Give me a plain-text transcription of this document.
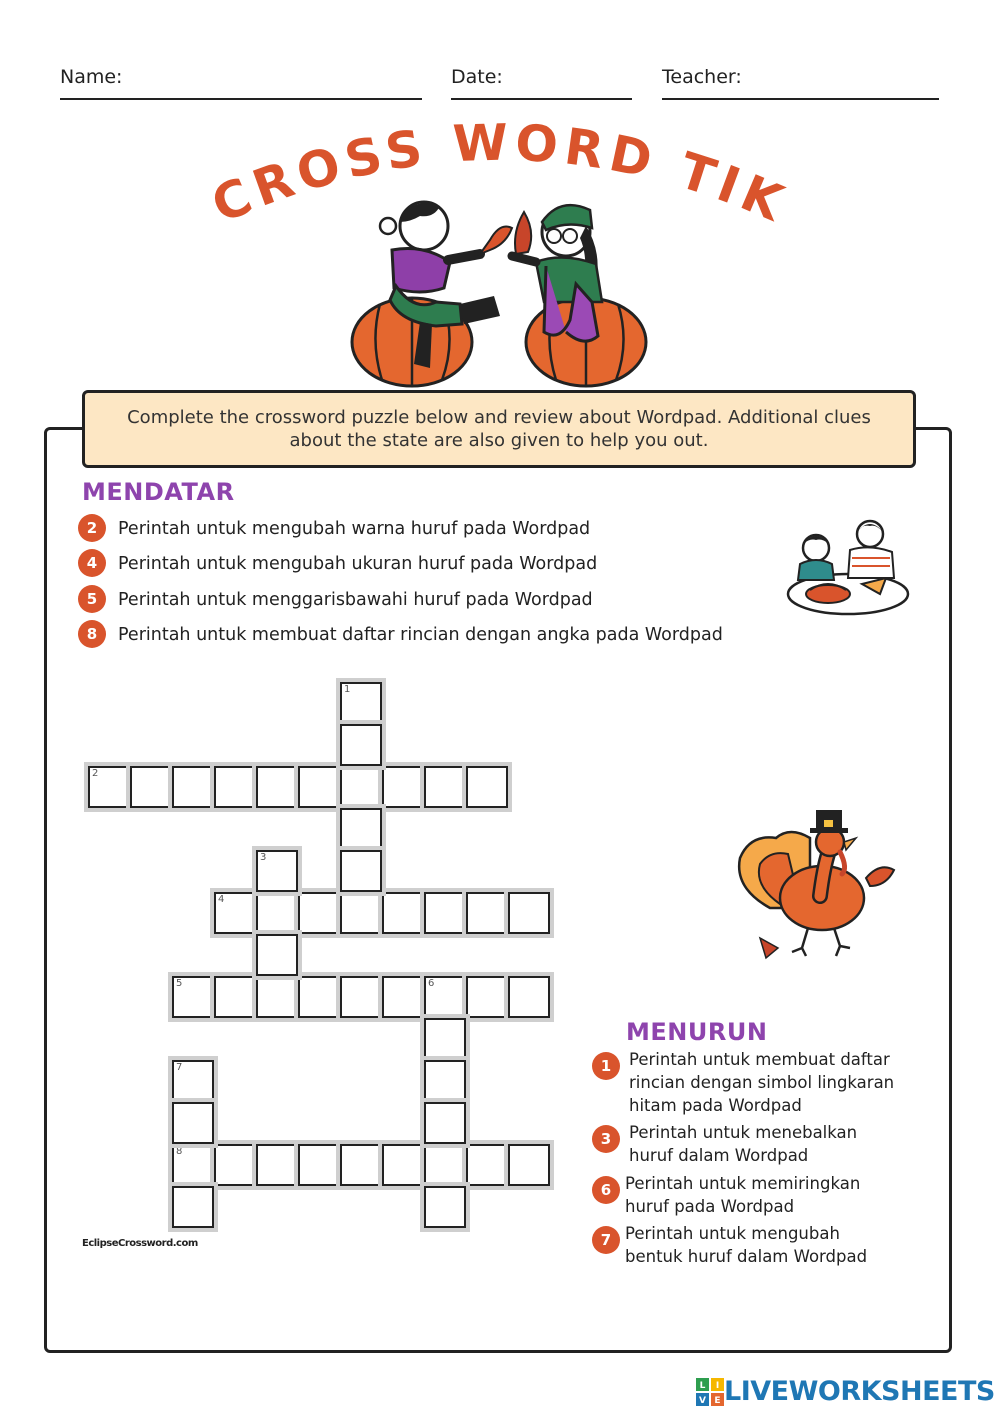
Name:	Date:	Teacher:
CROSS WORD TIK
Complete the crossword puzzle below and review about Wordpad. Additional clues about the state are also given to help you out.
MENDATAR
2	Perintah untuk mengubah warna huruf pada Wordpad
4	Perintah untuk mengubah ukuran huruf pada Wordpad
5	Perintah untuk menggarisbawahi huruf pada Wordpad
8	Perintah untuk membuat daftar rincian dengan angka pada Wordpad
MENURUN
1	Perintah untuk membuat daftar rincian dengan simbol lingkaran hitam pada Wordpad
3	Perintah untuk menebalkan huruf dalam Wordpad
6 Perintah untuk memiringkan huruf pada Wordpad
7 Perintah untuk mengubah bentuk huruf dalam Wordpad
2
4
5	6
8
1
3
7
EclipseCrossword.com
L I
V E LIVEWORKSHEETS
